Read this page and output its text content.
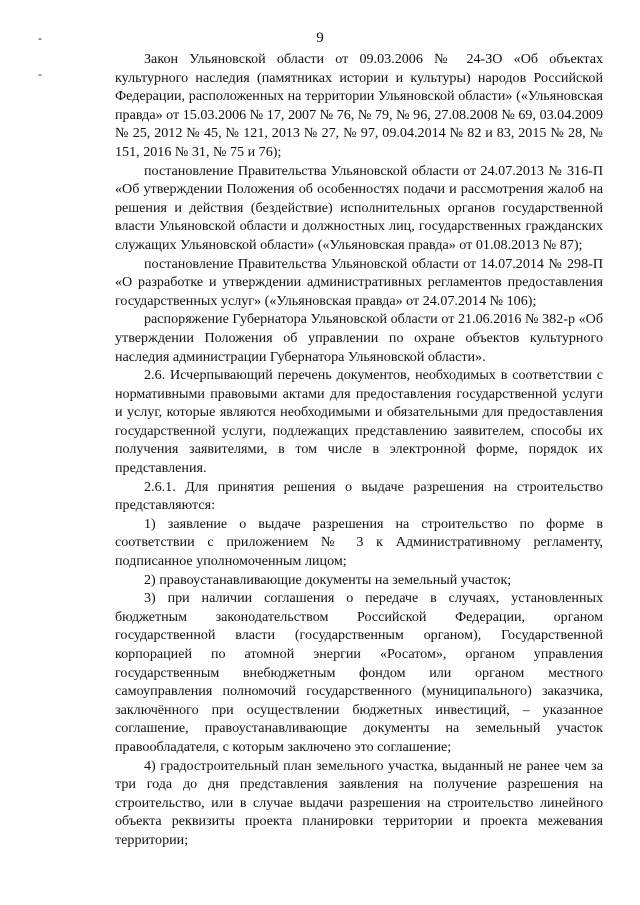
9
-
-

Закон Ульяновской области от 09.03.2006 № 24-ЗО «Об объектах культурного наследия (памятниках истории и культуры) народов Российской Федерации, расположенных на территории Ульяновской области» («Ульяновская правда» от 15.03.2006 № 17, 2007 № 76, № 79, № 96, 27.08.2008 № 69, 03.04.2009 № 25, 2012 № 45, № 121, 2013 № 27, № 97, 09.04.2014 № 82 и 83, 2015 № 28, № 151, 2016 № 31, № 75 и 76);

постановление Правительства Ульяновской области от 24.07.2013 № 316-П «Об утверждении Положения об особенностях подачи и рассмотрения жалоб на решения и действия (бездействие) исполнительных органов государственной власти Ульяновской области и должностных лиц, государственных гражданских служащих Ульяновской области» («Ульяновская правда» от 01.08.2013 № 87);

постановление Правительства Ульяновской области от 14.07.2014 № 298-П «О разработке и утверждении административных регламентов предоставления государственных услуг» («Ульяновская правда» от 24.07.2014 № 106);

распоряжение Губернатора Ульяновской области от 21.06.2016 № 382-р «Об утверждении Положения об управлении по охране объектов культурного наследия администрации Губернатора Ульяновской области».

2.6. Исчерпывающий перечень документов, необходимых в соответствии с нормативными правовыми актами для предоставления государственной услуги и услуг, которые являются необходимыми и обязательными для предоставления государственной услуги, подлежащих представлению заявителем, способы их получения заявителями, в том числе в электронной форме, порядок их представления.

2.6.1. Для принятия решения о выдаче разрешения на строительство представляются:

1) заявление о выдаче разрешения на строительство по форме в соответствии с приложением № 3 к Административному регламенту, подписанное уполномоченным лицом;

2) правоустанавливающие документы на земельный участок;

3) при наличии соглашения о передаче в случаях, установленных бюджетным законодательством Российской Федерации, органом государственной власти (государственным органом), Государственной корпорацией по атомной энергии «Росатом», органом управления государственным внебюджетным фондом или органом местного самоуправления полномочий государственного (муниципального) заказчика, заключённого при осуществлении бюджетных инвестиций, – указанное соглашение, правоустанавливающие документы на земельный участок правообладателя, с которым заключено это соглашение;

4) градостроительный план земельного участка, выданный не ранее чем за три года до дня представления заявления на получение разрешения на строительство, или в случае выдачи разрешения на строительство линейного объекта реквизиты проекта планировки территории и проекта межевания территории;
